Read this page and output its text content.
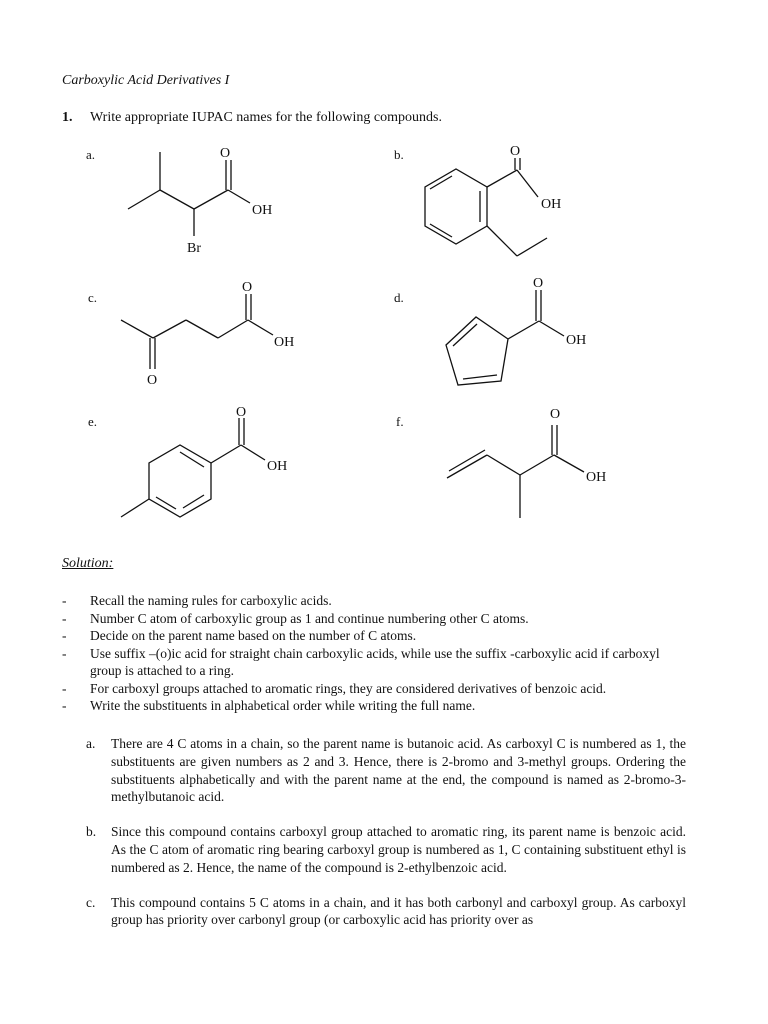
Carboxylic Acid Derivatives I
1. Write appropriate IUPAC names for the following compounds.
a.	b.
c.	d.
e.	f.
O
OH
Br
O
OH
O
OH
O
O
OH
O
OH
O
OH
Solution:
-	Recall the naming rules for carboxylic acids.
-	Number C atom of carboxylic group as 1 and continue numbering other C atoms.
-	Decide on the parent name based on the number of C atoms.
-	Use suffix –(o)ic acid for straight chain carboxylic acids, while use the suffix -carboxylic acid if carboxyl group is attached to a ring.
-	For carboxyl groups attached to aromatic rings, they are considered derivatives of benzoic acid.
-	Write the substituents in alphabetical order while writing the full name.
a.	There are 4 C atoms in a chain, so the parent name is butanoic acid. As carboxyl C is numbered as 1, the substituents are given numbers as 2 and 3. Hence, there is 2-bromo and 3-methyl groups. Ordering the substituents alphabetically and with the parent name at the end, the compound is named as 2-bromo-3-methylbutanoic acid.
b.	Since this compound contains carboxyl group attached to aromatic ring, its parent name is benzoic acid. As the C atom of aromatic ring bearing carboxyl group is numbered as 1, C containing substituent ethyl is numbered as 2. Hence, the name of the compound is 2-ethylbenzoic acid.
c.	This compound contains 5 C atoms in a chain, and it has both carbonyl and carboxyl group. As carboxyl group has priority over carbonyl group (or carboxylic acid has priority over as
